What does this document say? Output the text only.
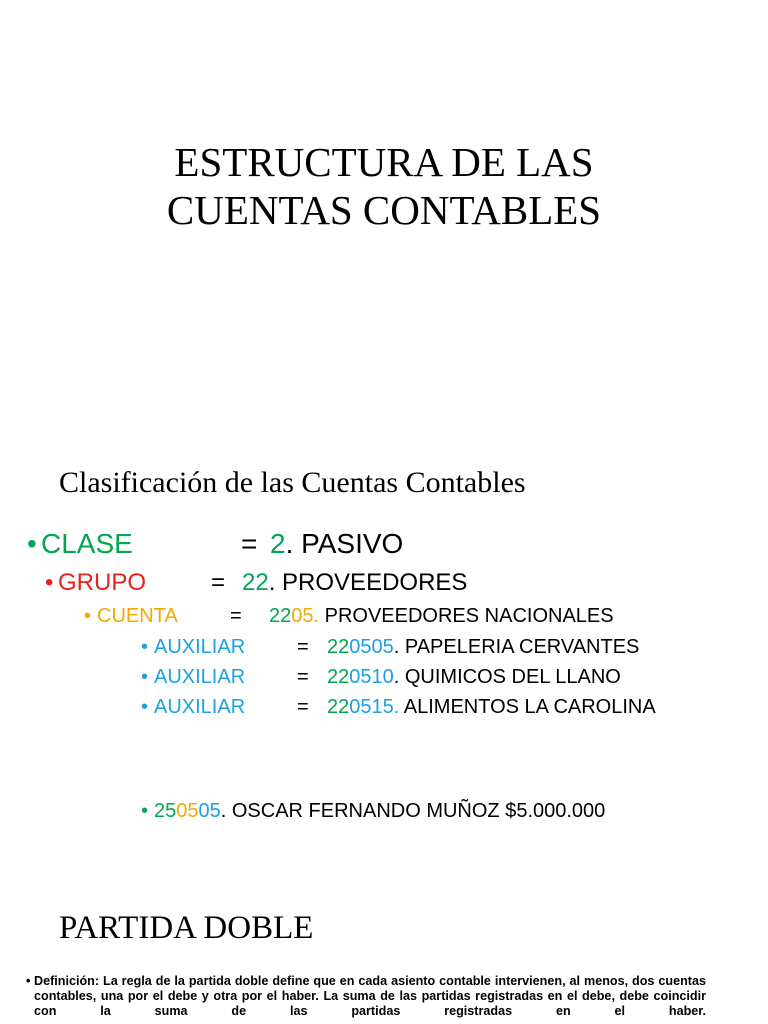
ESTRUCTURA DE LAS
CUENTAS CONTABLES
Clasificación de las Cuentas Contables
• CLASE	= 2. PASIVO
• GRUPO	= 22. PROVEEDORES
• CUENTA	= 2205. PROVEEDORES NACIONALES
• AUXILIAR	= 220505. PAPELERIA CERVANTES
• AUXILIAR	= 220510. QUIMICOS DEL LLANO
• AUXILIAR	= 220515. ALIMENTOS LA CAROLINA
• 250505. OSCAR FERNANDO MUÑOZ $5.000.000
PARTIDA DOBLE
• Definición: La regla de la partida doble define que en cada asiento contable intervienen, al menos, dos cuentas contables, una por el debe y otra por el haber. La suma de las partidas registradas en el debe, debe coincidir con la suma de las partidas registradas en el haber.
